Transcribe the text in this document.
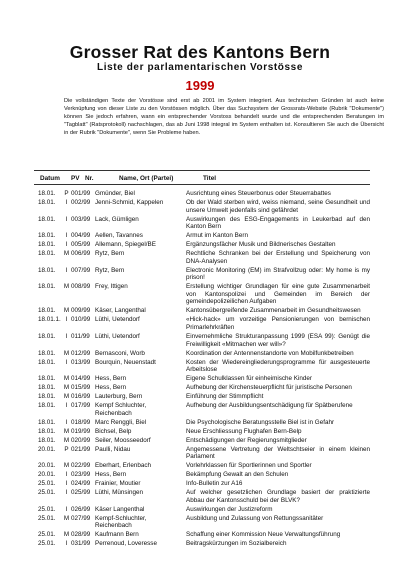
Grosser Rat des Kantons Bern
Liste der parlamentarischen Vorstösse
1999
Die vollständigen Texte der Vorstösse sind erst ab 2001 im System integriert. Aus technischen Gründen ist auch keine Verknüpfung von dieser Liste zu den Vorstössen möglich. Über das Suchsystem der Grossrats-Website (Rubrik "Dokumente") können Sie jedoch erfahren, wann ein entsprechender Vorstoss behandelt wurde und die entsprechenden Beratungen im "Tagblatt" (Ratsprotokoll) nachschlagen, das ab Juni 1998 integral im System enthalten ist. Konsultieren Sie auch die Übersicht in der Rubrik "Dokumente", wenn Sie Probleme haben.
Datum PV Nr.	Name, Ort (Partei)	Titel
18.01.	P	001/99	Gmünder, Biel	Ausrichtung eines Steuerbonus oder Steuerrabattes
18.01.	I	002/99	Jenni-Schmid, Kappelen	Ob der Wald sterben wird, weiss niemand, seine Gesundheit und unsere Umwelt jedenfalls sind gefährdet
18.01.	I	003/99	Lack, Gümligen	Auswirkungen des ESG-Engagements in Leukerbad auf den Kanton Bern
18.01.	I	004/99	Aellen, Tavannes	Armut im Kanton Bern
18.01.	I	005/99	Allemann, Spiegel/BE	Ergänzungsfächer Musik und Bildnerisches Gestalten
18.01.	M	006/99	Rytz, Bern	Rechtliche Schranken bei der Erstellung und Speicherung von DNA-Analysen
18.01.	I	007/99	Rytz, Bern	Electronic Monitoring (EM) im Strafvollzug oder: My home is my prison!
18.01.	M	008/99	Frey, Ittigen	Erstellung wichtiger Grundlagen für eine gute Zusammenarbeit von Kantonspolizei und Gemeinden im Bereich der gemeindepolizeilichen Aufgaben
18.01.	M	009/99	Käser, Langenthal	Kantonsübergreifende Zusammenarbeit im Gesundheitswesen
18.01.1.	I	010/99	Lüthi, Uetendorf	«Hick-hack» um vorzeitige Pensionierungen von bernischen Primarlehrkräften
18.01.	I	011/99	Lüthi, Uetendorf	Einvernehmliche Strukturanpassung 1999 (ESA 99): Genügt die Freiwilligkeit «Mitmachen wer will»?
18.01.	M	012/99	Bernasconi, Worb	Koordination der Antennenstandorte von Mobilfunkbetreiben
18.01.	I	013/99	Bourquin, Neuenstadt	Kosten der Wiedereingliederungsprogramme für ausgesteuerte Arbeitslose
18.01.	M	014/99	Hess, Bern	Eigene Schulklassen für einheimische Kinder
18.01.	M	015/99	Hess, Bern	Aufhebung der Kirchensteuerpflicht für juristische Personen
18.01.	M	016/99	Lauterburg, Bern	Einführung der Stimmpflicht
18.01.	I	017/99	Kempf Schluchter, Reichenbach	Aufhebung der Ausbildungsentschädigung für Spätberufene
18.01.	I	018/99	Marc Renggli, Biel	Die Psychologische Beratungsstelle Biel ist in Gefahr
18.01.	M	019/99	Bichsel, Belp	Neue Erschliessung Flughafen Bern-Belp
18.01.	M	020/99	Seiler, Moosseedorf	Entschädigungen der Regierungsmitglieder
20.01.	P	021/99	Paulli, Nidau	Angemessene Vertretung der Weltschtseier in einem kleinen Parlament
20.01.	M	022/99	Eberhart, Erlenbach	Vorlehrklassen für Sportlerinnen und Sportler
20.01.	I	023/99	Hess, Bern	Bekämpfung Gewalt an den Schulen
25.01.	I	024/99	Frainier, Moutier	Info-Bulletin zur A16
25.01.	I	025/99	Lüthi, Münsingen	Auf welcher gesetzlichen Grundlage basiert der praktizierte Abbau der Kantonsschuld bei der BLVK?
25.01.	I	026/99	Käser Langenthal	Auswirkungen der Justizreform
25.01.	M	027/99	Kempf-Schluchter, Reichenbach	Ausbildung und Zulassung von Rettungssanitäter
25.01.	M	028/99	Kaufmann Bern	Schaffung einer Kommission Neue Verwaltungsführung
25.01.	I	031/99	Perrenoud, Loveresse	Beitragskürzungen im Sozialbereich
